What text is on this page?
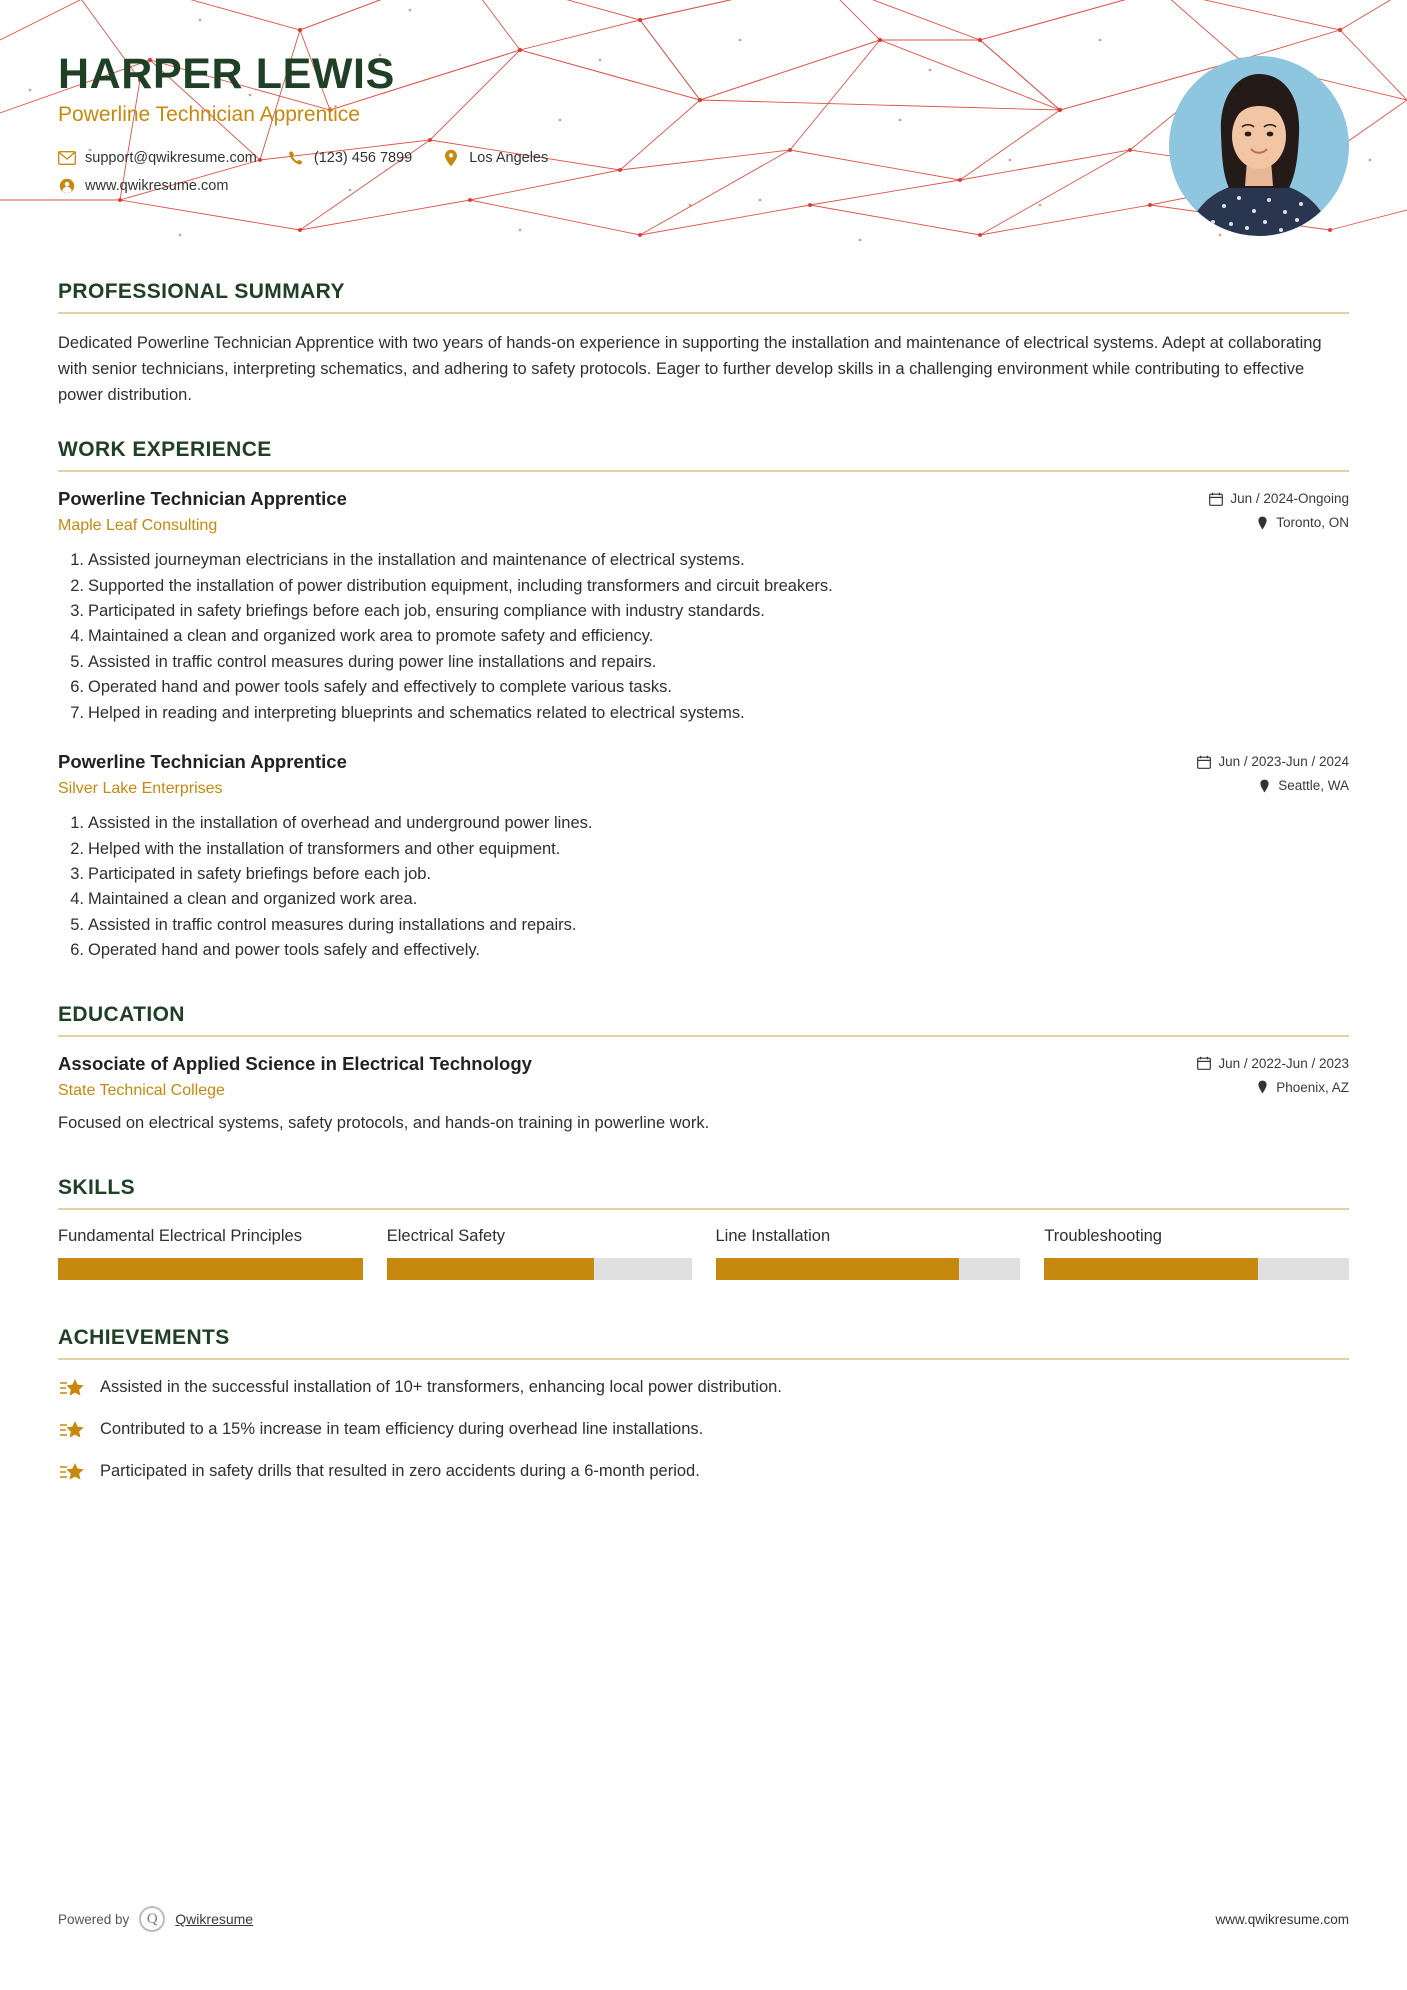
HARPER LEWIS
Powerline Technician Apprentice
support@qwikresume.com	(123) 456 7899	Los Angeles
www.qwikresume.com
PROFESSIONAL SUMMARY

Dedicated Powerline Technician Apprentice with two years of hands-on experience in supporting the installation and maintenance of electrical systems. Adept at collaborating with senior technicians, interpreting schematics, and adhering to safety protocols. Eager to further develop skills in a challenging environment while contributing to effective power distribution.

WORK EXPERIENCE
Powerline Technician Apprentice
Maple Leaf Consulting
Jun / 2024-Ongoing
Toronto, ON
1. Assisted journeyman electricians in the installation and maintenance of electrical systems.
2. Supported the installation of power distribution equipment, including transformers and circuit breakers.
3. Participated in safety briefings before each job, ensuring compliance with industry standards.
4. Maintained a clean and organized work area to promote safety and efficiency.
5. Assisted in traffic control measures during power line installations and repairs.
6. Operated hand and power tools safely and effectively to complete various tasks.
7. Helped in reading and interpreting blueprints and schematics related to electrical systems.
Powerline Technician Apprentice
Silver Lake Enterprises
Jun / 2023-Jun / 2024
Seattle, WA
1. Assisted in the installation of overhead and underground power lines.
2. Helped with the installation of transformers and other equipment.
3. Participated in safety briefings before each job.
4. Maintained a clean and organized work area.
5. Assisted in traffic control measures during installations and repairs.
6. Operated hand and power tools safely and effectively.
EDUCATION
Associate of Applied Science in Electrical Technology
State Technical College
Jun / 2022-Jun / 2023
Phoenix, AZ

Focused on electrical systems, safety protocols, and hands-on training in powerline work.

SKILLS
Fundamental Electrical Principles	Electrical Safety	Line Installation	Troubleshooting
ACHIEVEMENTS
Assisted in the successful installation of 10+ transformers, enhancing local power distribution.
Contributed to a 15% increase in team efficiency during overhead line installations.
Participated in safety drills that resulted in zero accidents during a 6-month period.
Powered by	Q	Qwikresume	www.qwikresume.com
